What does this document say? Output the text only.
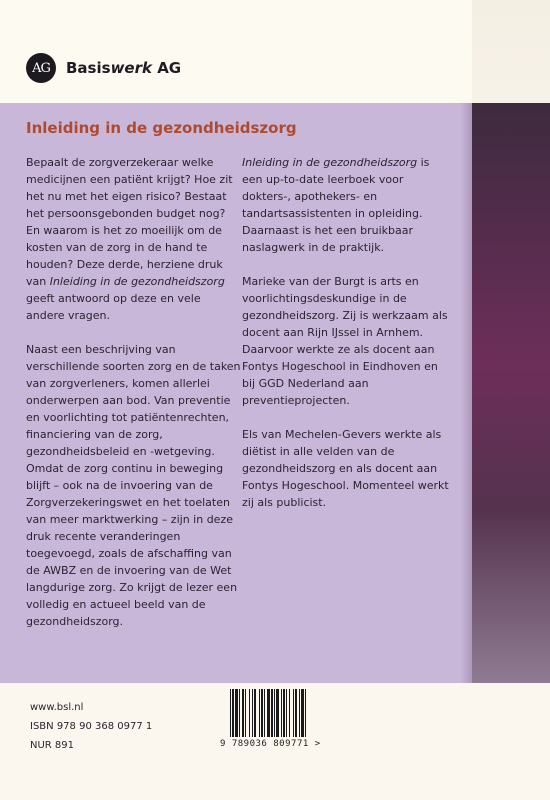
AG	Basiswerk AG
Inleiding in de gezondheidszorg

Bepaalt de zorgverzekeraar welke medicijnen een patiënt krijgt? Hoe zit het nu met het eigen risico? Bestaat het persoonsgebonden budget nog? En waarom is het zo moeilijk om de kosten van de zorg in de hand te houden? Deze derde, herziene druk van Inleiding in de gezondheidszorg geeft antwoord op deze en vele andere vragen.

Naast een beschrijving van verschillende soorten zorg en de taken van zorgverleners, komen allerlei onderwerpen aan bod. Van preventie en voorlichting tot patiëntenrechten, financiering van de zorg, gezondheidsbeleid en -wetgeving. Omdat de zorg continu in beweging blijft – ook na de invoering van de Zorgverzekeringswet en het toelaten van meer marktwerking – zijn in deze druk recente veranderingen toegevoegd, zoals de afschaffing van de AWBZ en de invoering van de Wet langdurige zorg. Zo krijgt de lezer een volledig en actueel beeld van de gezondheidszorg.

Inleiding in de gezondheidszorg is een up-to-date leerboek voor dokters-, apothekers- en tandartsassistenten in opleiding. Daarnaast is het een bruikbaar naslagwerk in de praktijk.

Marieke van der Burgt is arts en voorlichtingsdeskundige in de gezondheidszorg. Zij is werkzaam als docent aan Rijn IJssel in Arnhem. Daarvoor werkte ze als docent aan Fontys Hogeschool in Eindhoven en bij GGD Nederland aan preventieprojecten.

Els van Mechelen-Gevers werkte als diëtist in alle velden van de gezondheidszorg en als docent aan Fontys Hogeschool. Momenteel werkt zij als publicist.

www.bsl.nl
ISBN 978 90 368 0977 1
NUR 891	9 789036 809771 >
